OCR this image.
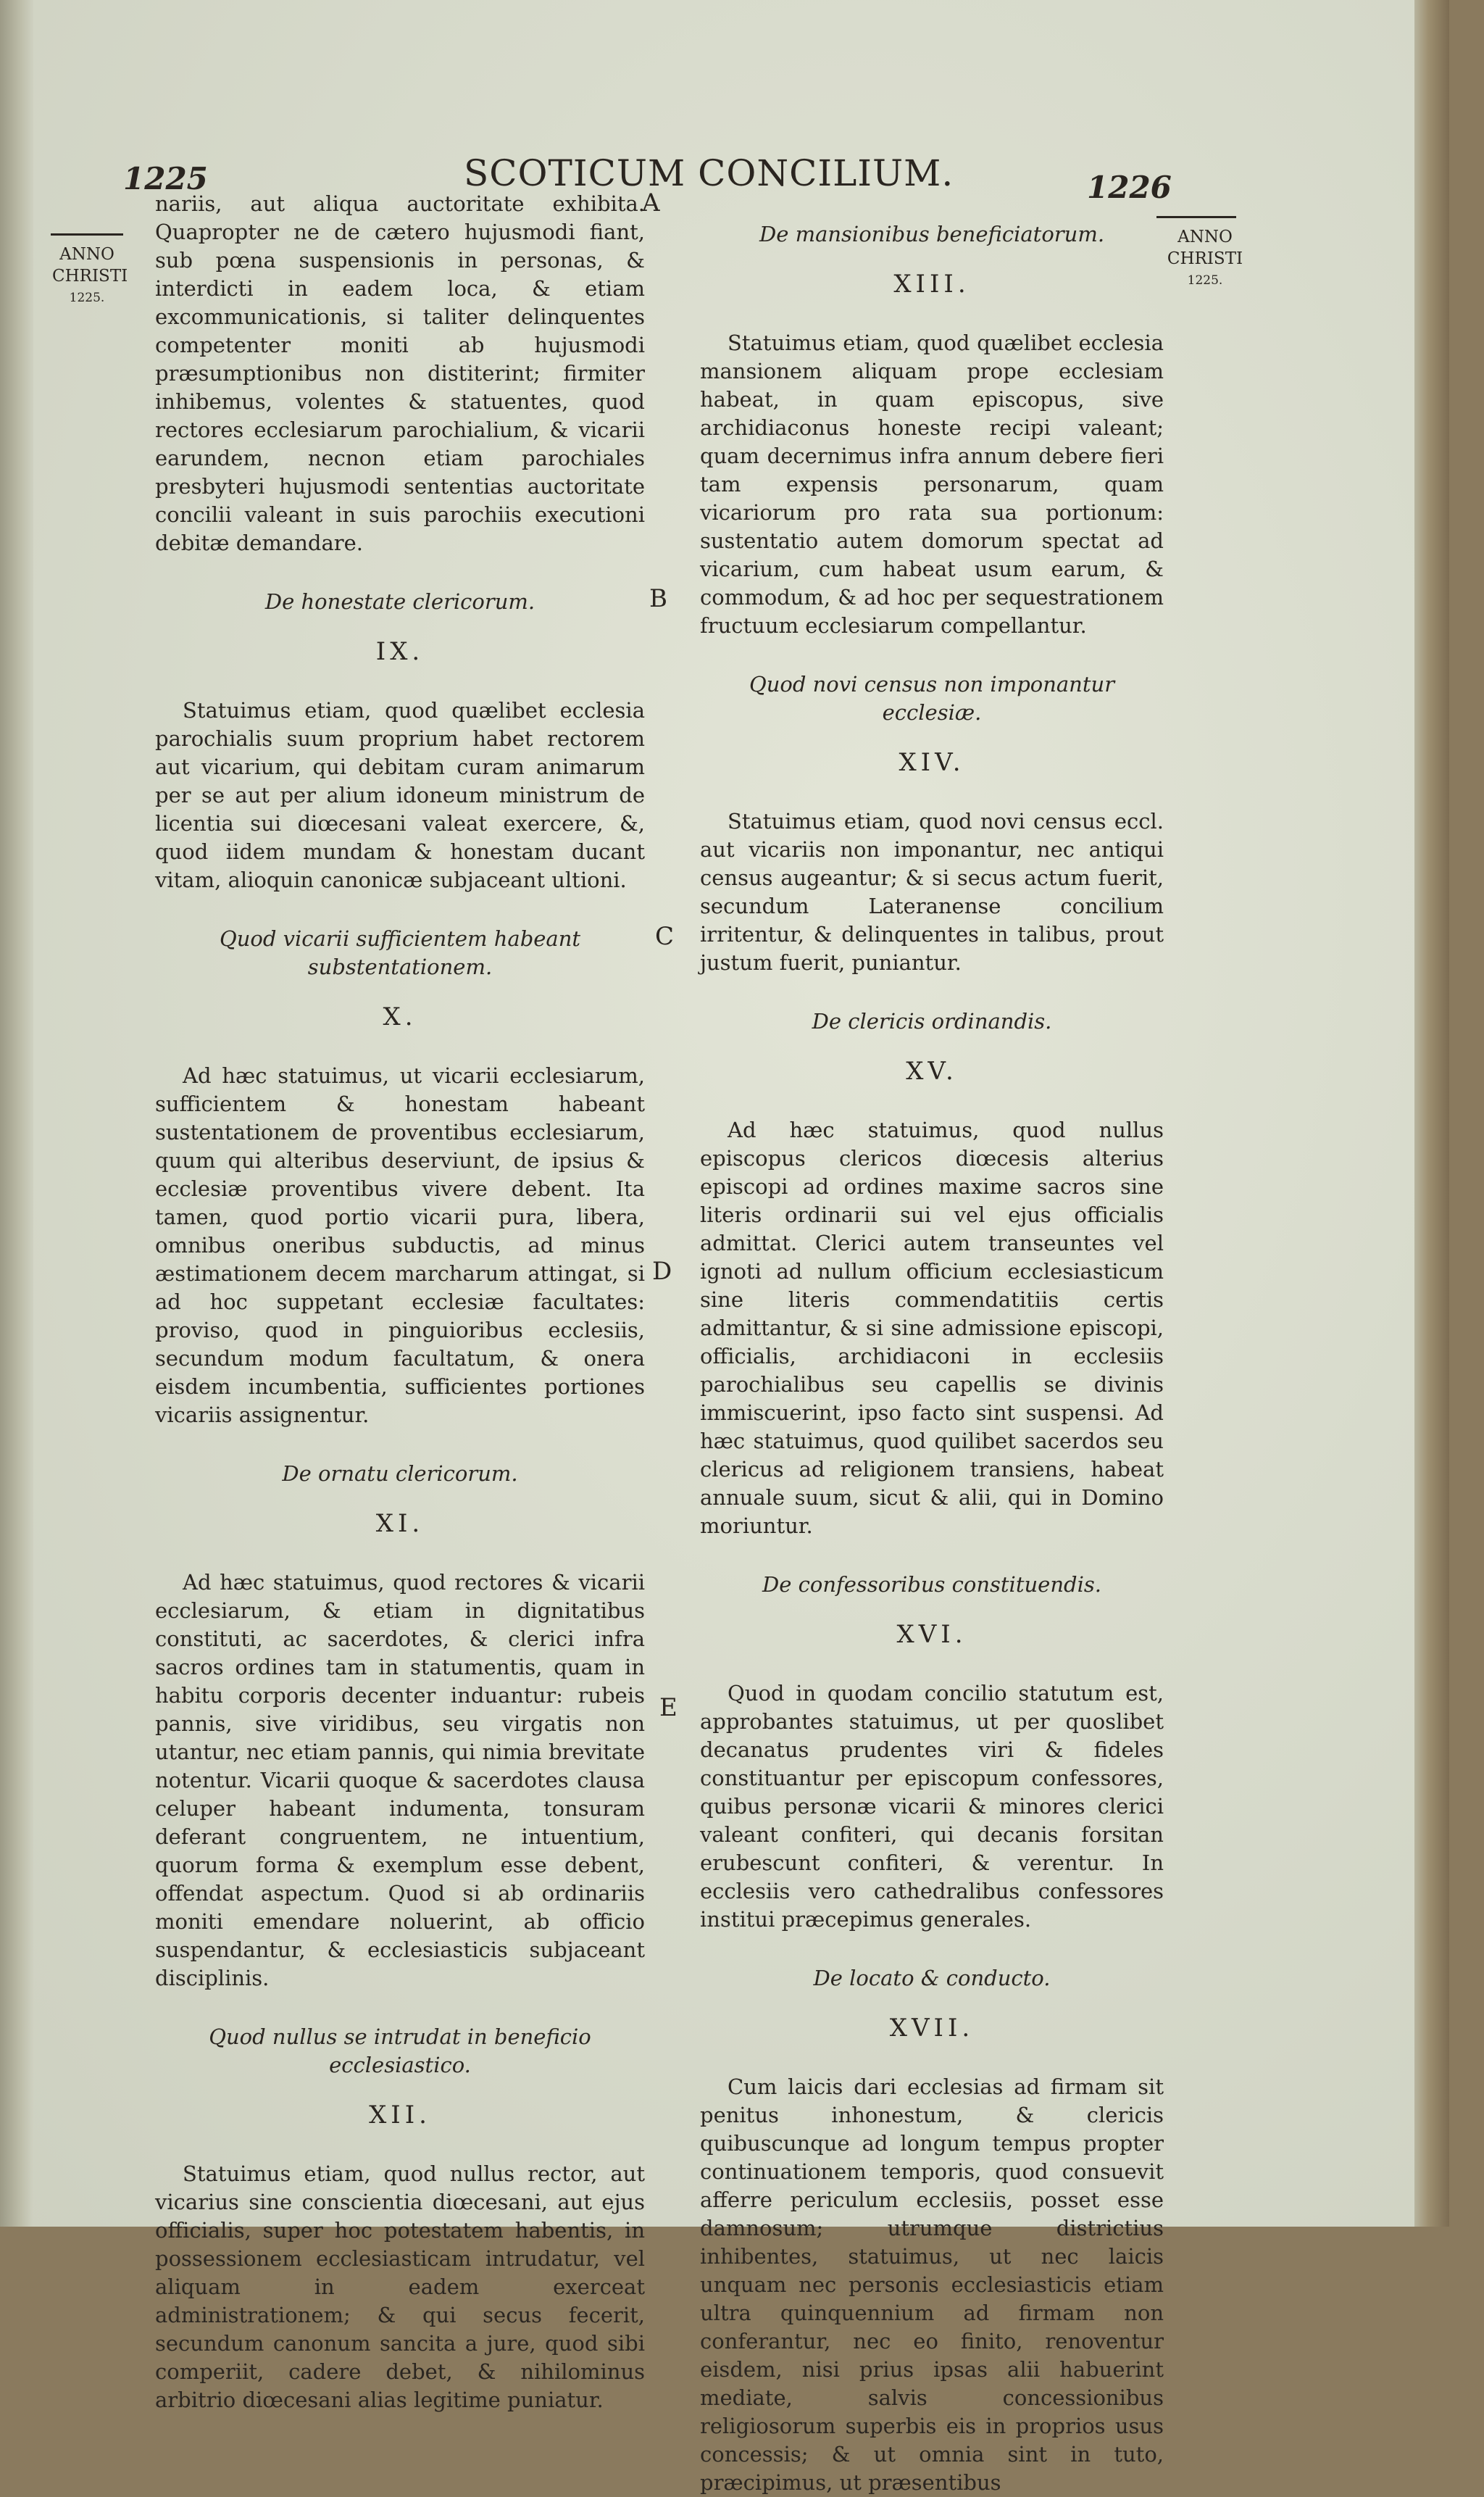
1225	SCOTICUM CONCILIUM.	1226
ANNO
CHRISTI
1225.
ANNO
CHRISTI
1225.
A
B
C
D
E

nariis, aut aliqua auctoritate exhibita. Quapropter ne de cætero hujusmodi fiant, sub pœna suspensionis in personas, & interdicti in eadem loca, & etiam excommunicationis, si taliter delinquentes competenter moniti ab hujusmodi præsumptionibus non distiterint; firmiter inhibemus, volentes & statuentes, quod rectores ecclesiarum parochialium, & vicarii earundem, necnon etiam parochiales presbyteri hujusmodi sententias auctoritate concilii valeant in suis parochiis executioni debitæ demandare.

De honestate clericorum.

IX.

Statuimus etiam, quod quælibet ecclesia parochialis suum proprium habet rectorem aut vicarium, qui debitam curam animarum per se aut per alium idoneum ministrum de licentia sui diœcesani valeat exercere, &, quod iidem mundam & honestam ducant vitam, alioquin canonicæ subjaceant ultioni.

Quod vicarii sufficientem habeant substentationem.

X.

Ad hæc statuimus, ut vicarii ecclesiarum, sufficientem & honestam habeant sustentationem de proventibus ecclesiarum, quum qui alteribus deserviunt, de ipsius & ecclesiæ proventibus vivere debent. Ita tamen, quod portio vicarii pura, libera, omnibus oneribus subductis, ad minus æstimationem decem marcharum attingat, si ad hoc suppetant ecclesiæ facultates: proviso, quod in pinguioribus ecclesiis, secundum modum facultatum, & onera eisdem incumbentia, sufficientes portiones vicariis assignentur.

De ornatu clericorum.

XI.

Ad hæc statuimus, quod rectores & vicarii ecclesiarum, & etiam in dignitatibus constituti, ac sacerdotes, & clerici infra sacros ordines tam in statumentis, quam in habitu corporis decenter induantur: rubeis pannis, sive viridibus, seu virgatis non utantur, nec etiam pannis, qui nimia brevitate notentur. Vicarii quoque & sacerdotes clausa celuper habeant indumenta, tonsuram deferant congruentem, ne intuentium, quorum forma & exemplum esse debent, offendat aspectum. Quod si ab ordinariis moniti emendare noluerint, ab officio suspendantur, & ecclesiasticis subjaceant disciplinis.

Quod nullus se intrudat in beneficio ecclesiastico.

XII.

Statuimus etiam, quod nullus rector, aut vicarius sine conscientia diœcesani, aut ejus officialis, super hoc potestatem habentis, in possessionem ecclesiasticam intrudatur, vel aliquam in eadem exerceat administrationem; & qui secus fecerit, secundum canonum sancita a jure, quod sibi comperiit, cadere debet, & nihilominus arbitrio diœcesani alias legitime puniatur.

De mansionibus beneficiatorum.

XIII.

Statuimus etiam, quod quælibet ecclesia mansionem aliquam prope ecclesiam habeat, in quam episcopus, sive archidiaconus honeste recipi valeant; quam decernimus infra annum debere fieri tam expensis personarum, quam vicariorum pro rata sua portionum: sustentatio autem domorum spectat ad vicarium, cum habeat usum earum, & commodum, & ad hoc per sequestrationem fructuum ecclesiarum compellantur.

Quod novi census non imponantur ecclesiæ.

XIV.

Statuimus etiam, quod novi census eccl. aut vicariis non imponantur, nec antiqui census augeantur; & si secus actum fuerit, secundum Lateranense concilium irritentur, & delinquentes in talibus, prout justum fuerit, puniantur.

De clericis ordinandis.

XV.

Ad hæc statuimus, quod nullus episcopus clericos diœcesis alterius episcopi ad ordines maxime sacros sine literis ordinarii sui vel ejus officialis admittat. Clerici autem transeuntes vel ignoti ad nullum officium ecclesiasticum sine literis commendatitiis certis admittantur, & si sine admissione episcopi, officialis, archidiaconi in ecclesiis parochialibus seu capellis se divinis immiscuerint, ipso facto sint suspensi. Ad hæc statuimus, quod quilibet sacerdos seu clericus ad religionem transiens, habeat annuale suum, sicut & alii, qui in Domino moriuntur.

De confessoribus constituendis.

XVI.

Quod in quodam concilio statutum est, approbantes statuimus, ut per quoslibet decanatus prudentes viri & fideles constituantur per episcopum confessores, quibus personæ vicarii & minores clerici valeant confiteri, qui decanis forsitan erubescunt confiteri, & verentur. In ecclesiis vero cathedralibus confessores institui præcepimus generales.

De locato & conducto.

XVII.

Cum laicis dari ecclesias ad firmam sit penitus inhonestum, & clericis quibuscunque ad longum tempus propter continuationem temporis, quod consuevit afferre periculum ecclesiis, posset esse damnosum; utrumque districtius inhibentes, statuimus, ut nec laicis unquam nec personis ecclesiasticis etiam ultra quinquennium ad firmam non conferantur, nec eo finito, renoventur eisdem, nisi prius ipsas alii habuerint mediate, salvis concessionibus religiosorum superbis eis in proprios usus concessis; & ut omnia sint in tuto, præcipimus, ut præsentibus
